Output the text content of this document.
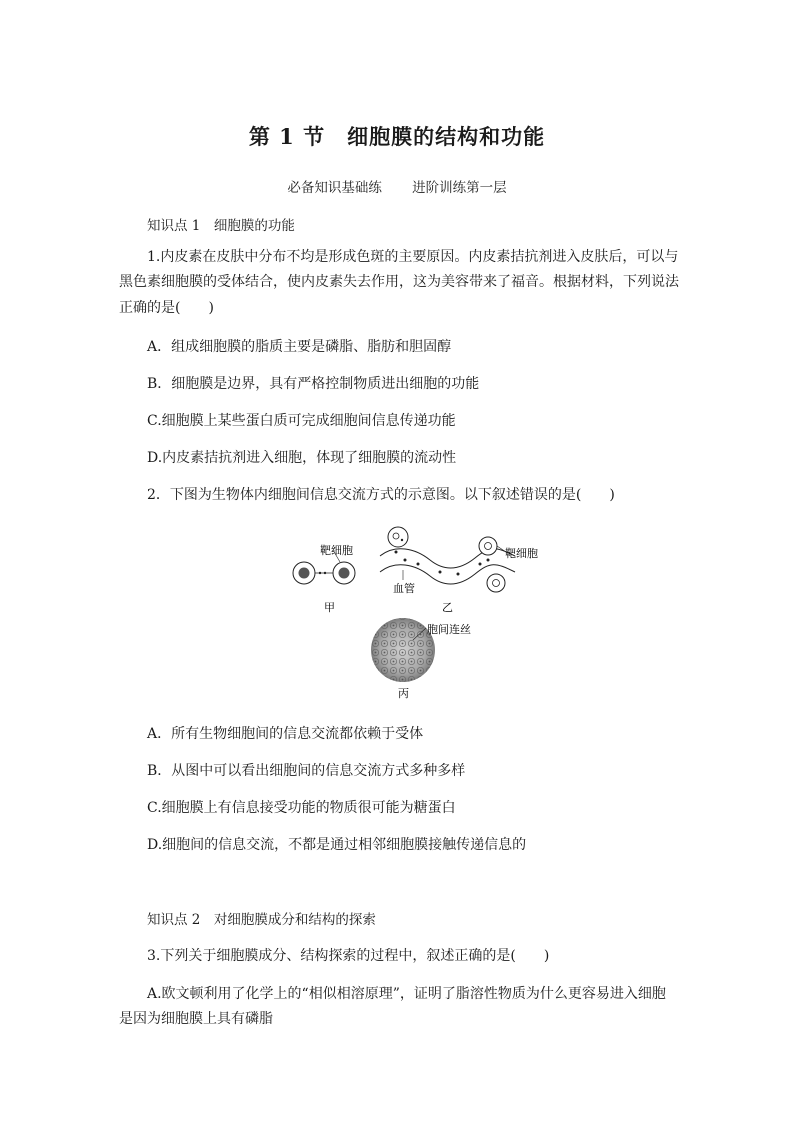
第 1 节　细胞膜的结构和功能
必备知识基础练 进阶训练第一层
知识点 1　细胞膜的功能
1.内皮素在皮肤中分布不均是形成色斑的主要原因。内皮素拮抗剂进入皮肤后，可以与
黑色素细胞膜的受体结合，使内皮素失去作用，这为美容带来了福音。根据材料，下列说法
正确的是(　　)
A．组成细胞膜的脂质主要是磷脂、脂肪和胆固醇
B．细胞膜是边界，具有严格控制物质进出细胞的功能
C.细胞膜上某些蛋白质可完成细胞间信息传递功能
D.内皮素拮抗剂进入细胞，体现了细胞膜的流动性
2．下图为生物体内细胞间信息交流方式的示意图。以下叙述错误的是(　　)
靶细胞
甲
靶细胞
血管
乙
胞间连丝
丙
A．所有生物细胞间的信息交流都依赖于受体
B．从图中可以看出细胞间的信息交流方式多种多样
C.细胞膜上有信息接受功能的物质很可能为糖蛋白
D.细胞间的信息交流，不都是通过相邻细胞膜接触传递信息的
知识点 2　对细胞膜成分和结构的探索
3.下列关于细胞膜成分、结构探索的过程中，叙述正确的是(　　)
A.欧文顿利用了化学上的“相似相溶原理”，证明了脂溶性物质为什么更容易进入细胞
是因为细胞膜上具有磷脂
